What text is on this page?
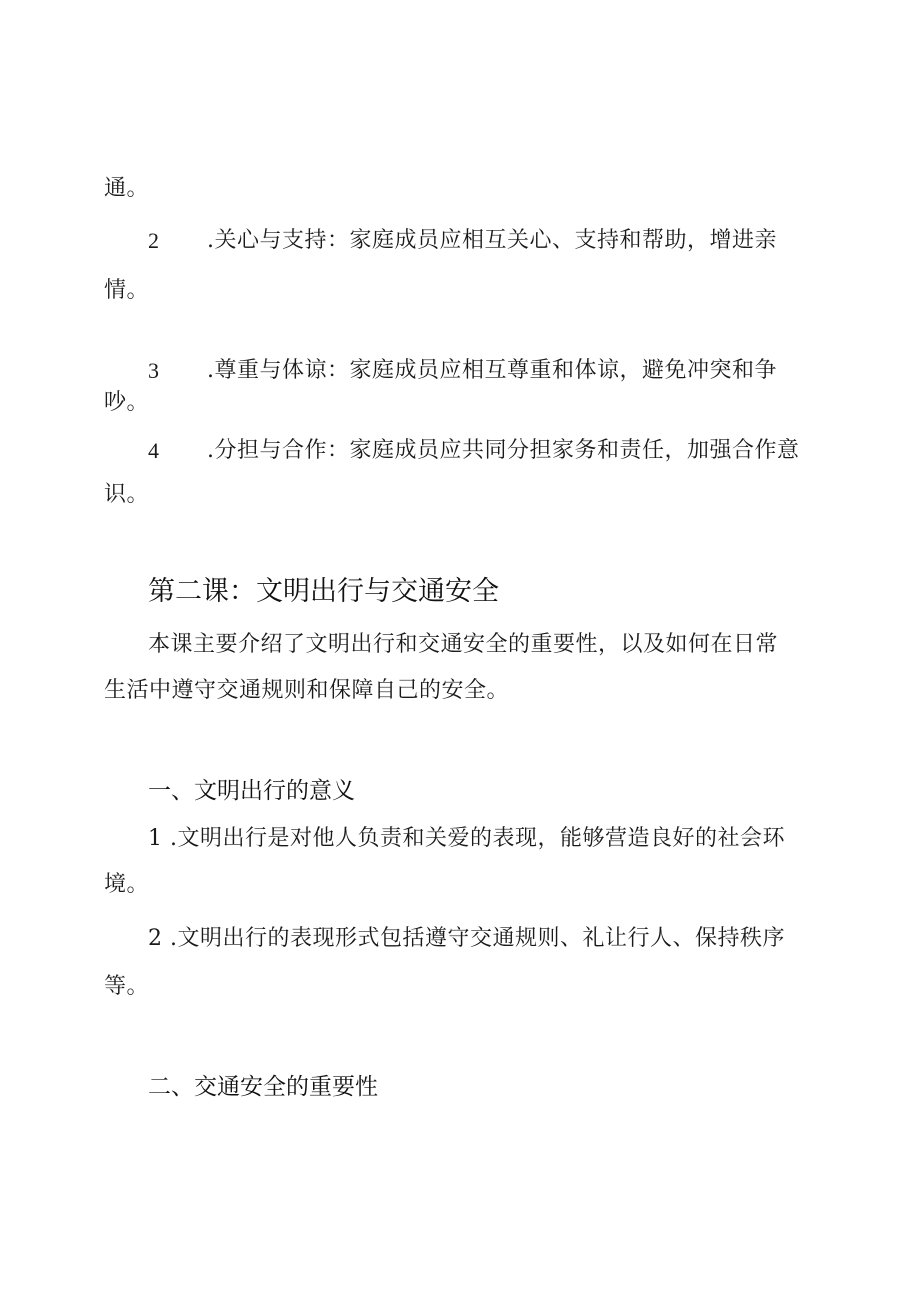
通。
2 .关心与支持：家庭成员应相互关心、支持和帮助，增进亲
情。
3 .尊重与体谅：家庭成员应相互尊重和体谅，避免冲突和争
吵。
4 .分担与合作：家庭成员应共同分担家务和责任，加强合作意
识。
第二课：文明出行与交通安全
本课主要介绍了文明出行和交通安全的重要性，以及如何在日常
生活中遵守交通规则和保障自己的安全。
一、文明出行的意义
1 .文明出行是对他人负责和关爱的表现，能够营造良好的社会环
境。
2 .文明出行的表现形式包括遵守交通规则、礼让行人、保持秩序
等。
二、交通安全的重要性
